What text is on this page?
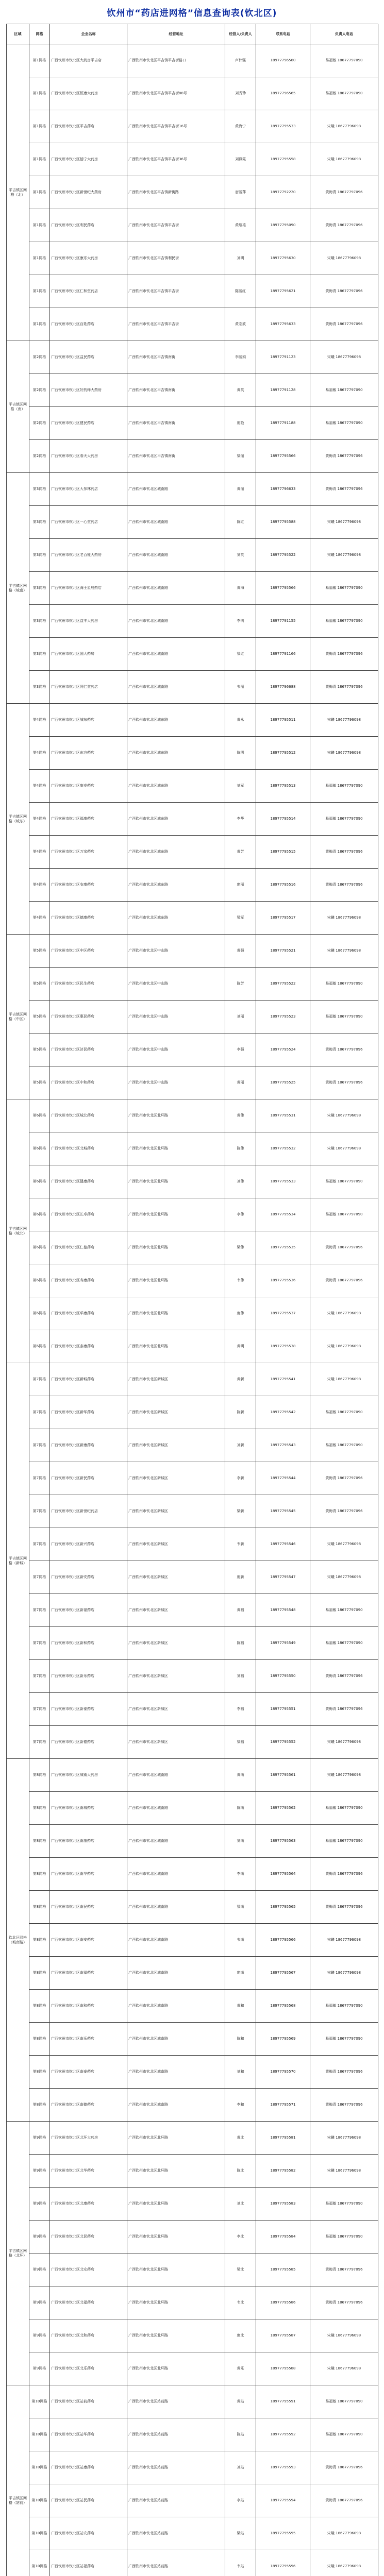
钦州市“药店进网格”信息查询表(钦北区)
区域	网格	企业名称	经营地址	经营人/负责人	联系电话	负责人电话
平吉镇区网格（北）	第1网格	广西钦州市钦北区大药房平吉店	广西钦州市钦北区平吉镇平吉街路口	卢伟强	18977796580	易福敏 18677797090
	第1网格	广西钦州市钦北区恒康大药房	广西钦州市钦北区平吉镇平吉街88号	刘秀珍	18977796565	易福敏 18677797090
	第1网格	广西钦州市钦北区平吉药店	广西钦州市钦北区平吉镇平吉街16号	黄海宁	18977795533	宋曦 18677796098
	第1网格	广西钦州市钦北区德宁大药房	广西钦州市钦北区平吉镇平吉街36号	刘燕霞	18977795558	宋曦 18677796098
	第1网格	广西钦州市钦北区新世纪大药房	广西钦州市钦北区平吉镇新街路	唐丽萍	18977792220	黄梅青 18677797096
	第1网格	广西钦州市钦北区利民药店	广西钦州市钦北区平吉镇平吉街	黄继雄	18977795090	黄梅青 18677797096
	第1网格	广西钦州市钦北区康乐大药房	广西钦州市钦北区平吉镇利民街	刘明	18977795630	宋曦 18677796098
	第1网格	广西钦州市钦北区仁和堂药店	广西钦州市钦北区平吉镇平吉街	陈丽红	18977795621	黄梅青 18677797096
	第1网格	广西钦州市钦北区百姓药店	广西钦州市钦北区平吉镇平吉街	黄宏波	18977795633	黄梅青 18677797096
平吉镇区网格（南）	第2网格	广西钦州市钦北区益民药店	广西钦州市钦北区平吉镇南街	李丽娟	18977791123	宋曦 18677796098
	第2网格	广西钦州市钦北区好药师大药房	广西钦州市钦北区平吉镇南街	黄英	18977791128	易福敏 18677797090
	第2网格	广西钦州市钦北区健民药店	广西钦州市钦北区平吉镇南街	庞艳	18977791188	易福敏 18677797090
	第2网格	广西钦州市钦北区春天大药房	广西钦州市钦北区平吉镇南街	梁丽	18977795566	黄梅青 18677797096
平吉镇区网格（城南）	第3网格	广西钦州市钦北区大参林药店	广西钦州市钦北区城南路	黄丽	18977796633	黄梅青 18677797096
	第3网格	广西钦州市钦北区一心堂药店	广西钦州市钦北区城南路	陈红	18977795588	宋曦 18677796098
	第3网格	广西钦州市钦北区老百姓大药房	广西钦州市钦北区城南路	刘英	18977795522	宋曦 18677796098
	第3网格	广西钦州市钦北区海王星辰药店	广西钦州市钦北区城南路	黄海	18977795566	易福敏 18677797090
	第3网格	广西钦州市钦北区益丰大药房	广西钦州市钦北区城南路	李明	18977791155	易福敏 18677797090
	第3网格	广西钦州市钦北区国大药房	广西钦州市钦北区城南路	梁红	18977791166	黄梅青 18677797096
	第3网格	广西钦州市钦北区同仁堂药店	广西钦州市钦北区城南路	韦丽	18977796688	黄梅青 18677797096
平吉镇区网格（城东）	第4网格	广西钦州市钦北区城东药店	广西钦州市钦北区城东路	黄永	18977795511	宋曦 18677796098
	第4网格	广西钦州市钦北区东方药店	广西钦州市钦北区城东路	陈明	18977795512	宋曦 18677796098
	第4网格	广西钦州市钦北区康寿药店	广西钦州市钦北区城东路	刘军	18977795513	易福敏 18677797090
	第4网格	广西钦州市钦北区福康药店	广西钦州市钦北区城东路	李华	18977795514	易福敏 18677797090
	第4网格	广西钦州市钦北区万家药店	广西钦州市钦北区城东路	黄芳	18977795515	黄梅青 18677797096
	第4网格	广西钦州市钦北区安康药店	广西钦州市钦北区城东路	庞丽	18977795516	黄梅青 18677797096
	第4网格	广西钦州市钦北区德康药店	广西钦州市钦北区城东路	梁军	18977795517	宋曦 18677796098
平吉镇区网格（中区）	第5网格	广西钦州市钦北区中区药店	广西钦州市钦北区中山路	黄强	18977795521	宋曦 18677796098
	第5网格	广西钦州市钦北区民生药店	广西钦州市钦北区中山路	陈芳	18977795522	易福敏 18677797090
	第5网格	广西钦州市钦北区惠民药店	广西钦州市钦北区中山路	刘丽	18977795523	易福敏 18677797090
	第5网格	广西钦州市钦北区济民药店	广西钦州市钦北区中山路	李强	18977795524	黄梅青 18677797096
	第5网格	广西钦州市钦北区中和药店	广西钦州市钦北区中山路	黄丽	18977795525	黄梅青 18677797096
平吉镇区网格（城北）	第6网格	广西钦州市钦北区城北药店	广西钦州市钦北区北环路	黄伟	18977795531	宋曦 18677796098
	第6网格	广西钦州市钦北区北城药店	广西钦州市钦北区北环路	陈伟	18977795532	宋曦 18677796098
	第6网格	广西钦州市钦北区健康药店	广西钦州市钦北区北环路	刘伟	18977795533	易福敏 18677797090
	第6网格	广西钦州市钦北区长寿药店	广西钦州市钦北区北环路	李伟	18977795534	易福敏 18677797090
	第6网格	广西钦州市钦北区仁德药店	广西钦州市钦北区北环路	梁伟	18977795535	黄梅青 18677797096
	第6网格	广西钦州市钦北区寿康药店	广西钦州市钦北区北环路	韦伟	18977795536	黄梅青 18677797096
	第6网格	广西钦州市钦北区华康药店	广西钦州市钦北区北环路	庞伟	18977795537	宋曦 18677796098
	第6网格	广西钦州市钦北区泰康药店	广西钦州市钦北区北环路	黄明	18977795538	宋曦 18677796098
平吉镇区网格（新城）	第7网格	广西钦州市钦北区新城药店	广西钦州市钦北区新城区	黄新	18977795541	宋曦 18677796098
	第7网格	广西钦州市钦北区新华药店	广西钦州市钦北区新城区	陈新	18977795542	易福敏 18677797090
	第7网格	广西钦州市钦北区新康药店	广西钦州市钦北区新城区	刘新	18977795543	易福敏 18677797090
	第7网格	广西钦州市钦北区新民药店	广西钦州市钦北区新城区	李新	18977795544	黄梅青 18677797096
	第7网格	广西钦州市钦北区新世纪药店	广西钦州市钦北区新城区	梁新	18977795545	黄梅青 18677797096
	第7网格	广西钦州市钦北区新兴药店	广西钦州市钦北区新城区	韦新	18977795546	宋曦 18677796098
	第7网格	广西钦州市钦北区新安药店	广西钦州市钦北区新城区	庞新	18977795547	宋曦 18677796098
	第7网格	广西钦州市钦北区新福药店	广西钦州市钦北区新城区	黄福	18977795548	易福敏 18677797090
	第7网格	广西钦州市钦北区新和药店	广西钦州市钦北区新城区	陈福	18977795549	易福敏 18677797090
	第7网格	广西钦州市钦北区新乐药店	广西钦州市钦北区新城区	刘福	18977795550	黄梅青 18677797096
	第7网格	广西钦州市钦北区新泰药店	广西钦州市钦北区新城区	李福	18977795551	黄梅青 18677797096
	第7网格	广西钦州市钦北区新德药店	广西钦州市钦北区新城区	梁福	18977795552	宋曦 18677796098
钦北区网格（城南路）	第8网格	广西钦州市钦北区城南大药房	广西钦州市钦北区城南路	黄南	18977795561	宋曦 18677796098
	第8网格	广西钦州市钦北区南城药店	广西钦州市钦北区城南路	陈南	18977795562	易福敏 18677797090
	第8网格	广西钦州市钦北区南康药店	广西钦州市钦北区城南路	刘南	18977795563	易福敏 18677797090
	第8网格	广西钦州市钦北区南华药店	广西钦州市钦北区城南路	李南	18977795564	黄梅青 18677797096
	第8网格	广西钦州市钦北区南民药店	广西钦州市钦北区城南路	梁南	18977795565	黄梅青 18677797096
	第8网格	广西钦州市钦北区南安药店	广西钦州市钦北区城南路	韦南	18977795566	宋曦 18677796098
	第8网格	广西钦州市钦北区南福药店	广西钦州市钦北区城南路	庞南	18977795567	宋曦 18677796098
	第8网格	广西钦州市钦北区南和药店	广西钦州市钦北区城南路	黄和	18977795568	易福敏 18677797090
	第8网格	广西钦州市钦北区南乐药店	广西钦州市钦北区城南路	陈和	18977795569	易福敏 18677797090
	第8网格	广西钦州市钦北区南泰药店	广西钦州市钦北区城南路	刘和	18977795570	黄梅青 18677797096
	第8网格	广西钦州市钦北区南德药店	广西钦州市钦北区城南路	李和	18977795571	黄梅青 18677797096
平吉镇区网格（北环）	第9网格	广西钦州市钦北区北环大药房	广西钦州市钦北区北环路	黄北	18977795581	宋曦 18677796098
	第9网格	广西钦州市钦北区北华药店	广西钦州市钦北区北环路	陈北	18977795582	宋曦 18677796098
	第9网格	广西钦州市钦北区北康药店	广西钦州市钦北区北环路	刘北	18977795583	易福敏 18677797090
	第9网格	广西钦州市钦北区北民药店	广西钦州市钦北区北环路	李北	18977795584	易福敏 18677797090
	第9网格	广西钦州市钦北区北安药店	广西钦州市钦北区北环路	梁北	18977795585	黄梅青 18677797096
	第9网格	广西钦州市钦北区北福药店	广西钦州市钦北区北环路	韦北	18977795586	黄梅青 18677797096
	第9网格	广西钦州市钦北区北和药店	广西钦州市钦北区北环路	庞北	18977795587	宋曦 18677796098
	第9网格	广西钦州市钦北区北乐药店	广西钦州市钦北区北环路	黄乐	18977795588	宋曦 18677796098
平吉镇区网格（站前）	第10网格	广西钦州市钦北区站前药店	广西钦州市钦北区站前路	黄站	18977795591	易福敏 18677797090
	第10网格	广西钦州市钦北区站华药店	广西钦州市钦北区站前路	陈站	18977795592	易福敏 18677797090
	第10网格	广西钦州市钦北区站康药店	广西钦州市钦北区站前路	刘站	18977795593	黄梅青 18677797096
	第10网格	广西钦州市钦北区站民药店	广西钦州市钦北区站前路	李站	18977795594	黄梅青 18677797096
	第10网格	广西钦州市钦北区站安药店	广西钦州市钦北区站前路	梁站	18977795595	宋曦 18677796098
	第10网格	广西钦州市钦北区站福药店	广西钦州市钦北区站前路	韦站	18977795596	宋曦 18677796098
